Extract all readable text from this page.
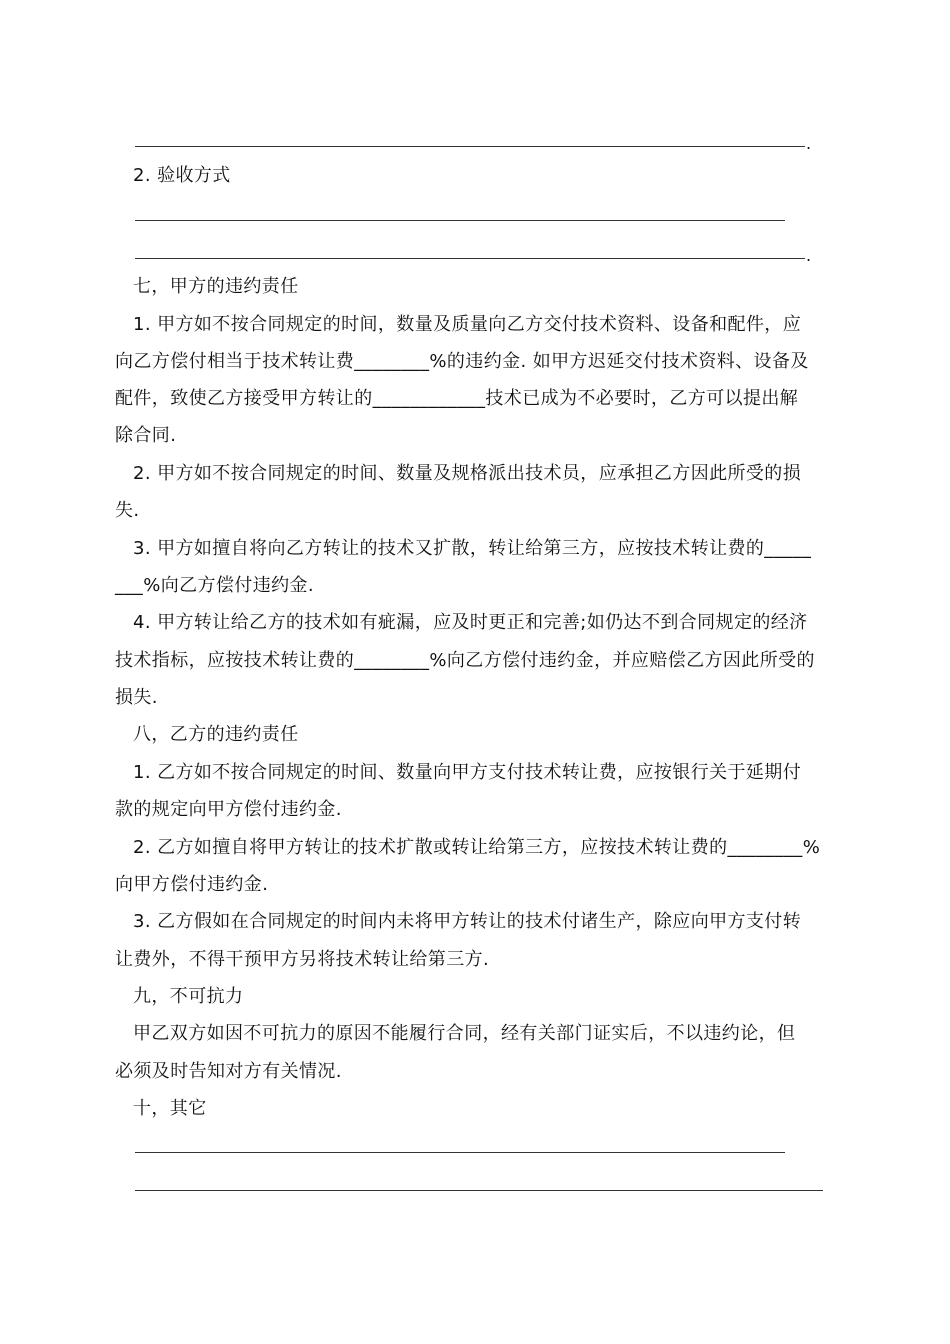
.
2. 验收方式
.
七，甲方的违约责任
1. 甲方如不按合同规定的时间，数量及质量向乙方交付技术资料、设备和配件，应
向乙方偿付相当于技术转让费________%的违约金. 如甲方迟延交付技术资料、设备及
配件，致使乙方接受甲方转让的____________技术已成为不必要时，乙方可以提出解
除合同.
2. 甲方如不按合同规定的时间、数量及规格派出技术员，应承担乙方因此所受的损
失.
3. 甲方如擅自将向乙方转让的技术又扩散，转让给第三方，应按技术转让费的_____
___%向乙方偿付违约金.
4. 甲方转让给乙方的技术如有疵漏，应及时更正和完善;如仍达不到合同规定的经济
技术指标，应按技术转让费的________%向乙方偿付违约金，并应赔偿乙方因此所受的
损失.
八，乙方的违约责任
1. 乙方如不按合同规定的时间、数量向甲方支付技术转让费，应按银行关于延期付
款的规定向甲方偿付违约金.
2. 乙方如擅自将甲方转让的技术扩散或转让给第三方，应按技术转让费的________%
向甲方偿付违约金.
3. 乙方假如在合同规定的时间内未将甲方转让的技术付诸生产，除应向甲方支付转
让费外，不得干预甲方另将技术转让给第三方.
九，不可抗力
甲乙双方如因不可抗力的原因不能履行合同，经有关部门证实后，不以违约论，但
必须及时告知对方有关情况.
十，其它
